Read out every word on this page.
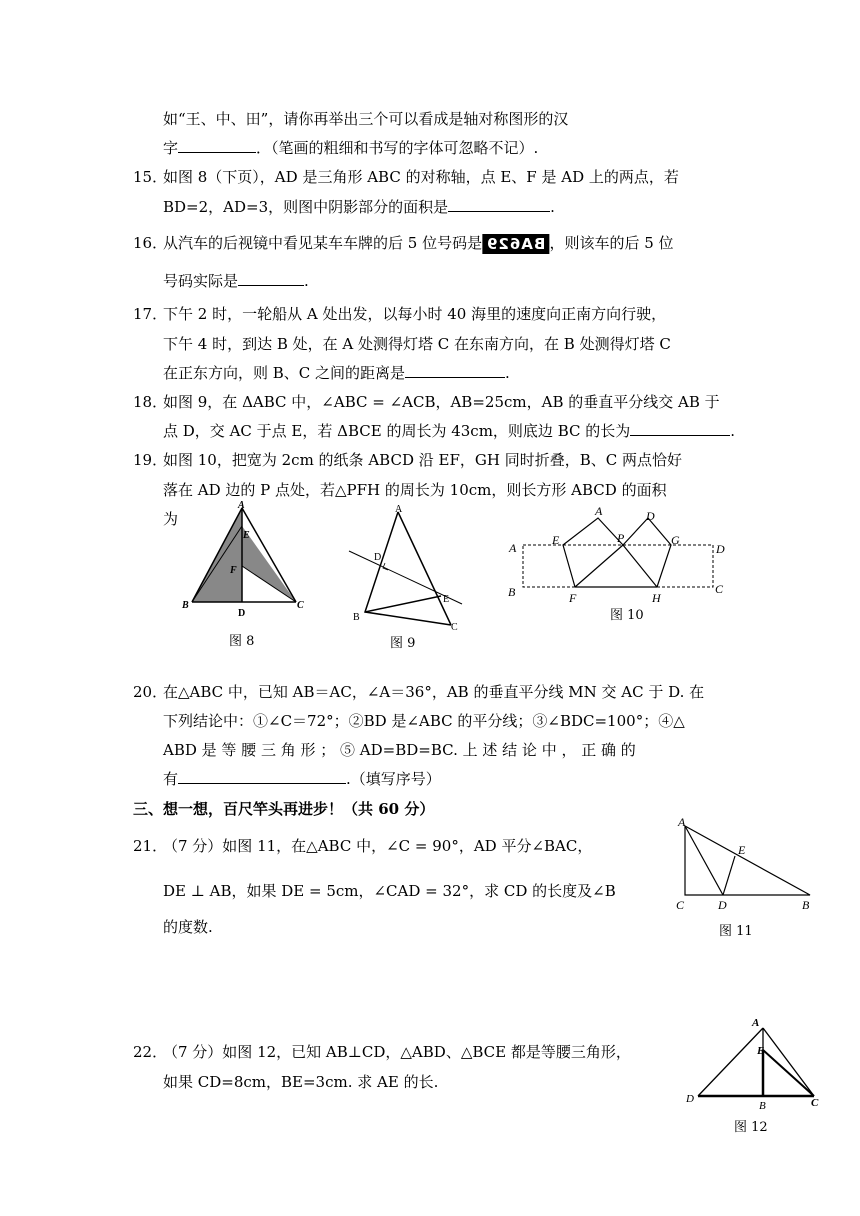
如“王、中、田”，请你再举出三个可以看成是轴对称图形的汉
字	．（笔画的粗细和书写的字体可忽略不记）.
15．
如图 8（下页），AD 是三角形 ABC 的对称轴，点 E、F 是 AD 上的两点，若
BD=2，AD=3，则图中阴影部分的面积是	.
16．
从汽车的后视镜中看见某车车牌的后 5 位号码是 BA629 ，则该车的后 5 位
号码实际是	.
17．
下午 2 时，一轮船从 A 处出发，以每小时 40 海里的速度向正南方向行驶，
下午 4 时，到达 B 处，在 A 处测得灯塔 C 在东南方向，在 B 处测得灯塔 C
在正东方向，则 B、C 之间的距离是	.
18．
如图 9，在 ΔABC 中，∠ABC = ∠ACB，AB=25cm，AB 的垂直平分线交 AB 于
点 D，交 AC 于点 E，若 ΔBCE 的周长为 43cm，则底边 BC 的长为	.
19．
如图 10，把宽为 2cm 的纸条 ABCD 沿 EF，GH 同时折叠，B、C 两点恰好
落在 AD 边的 P 点处，若△PFH 的周长为 10cm，则长方形 ABCD 的面积
为
A
E
F
B	C
D
图 8
A
D
E
B
C
图 9
A	D
E	P	G
A	D
B	F	H
C
图 10
20．
在△ABC 中，已知 AB＝AC，∠A＝36°，AB 的垂直平分线 MN 交 AC 于 D. 在
下列结论中：①∠C＝72°；②BD 是∠ABC 的平分线；③∠BDC=100°；④△
ABD 是 等 腰 三 角 形 ； ⑤ AD=BD=BC. 上 述 结 论 中 ， 正 确 的
有	.（填写序号）
三、想一想，百尺竿头再进步！（共 60 分）
21．
（7 分）如图 11，在△ABC 中，∠C = 90°，AD 平分∠BAC，
DE ⊥ AB，如果 DE = 5cm，∠CAD = 32°，求 CD 的长度及∠B
的度数.
A
E
C	D	B
图 11
22．
（7 分）如图 12，已知 AB⊥CD，△ABD、△BCE 都是等腰三角形，
如果 CD=8cm，BE=3cm. 求 AE 的长.
A
E
D
B	C
图 12
